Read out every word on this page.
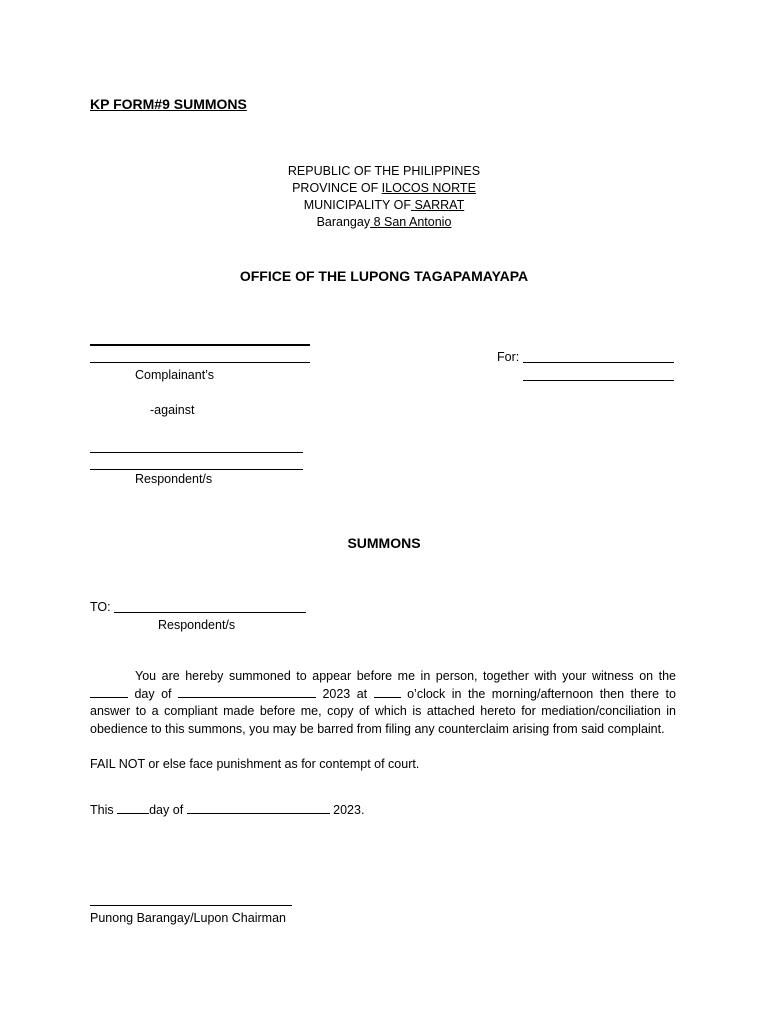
KP FORM#9 SUMMONS
REPUBLIC OF THE PHILIPPINES
PROVINCE OF ILOCOS NORTE
MUNICIPALITY OF SARRAT
Barangay 8 San Antonio
OFFICE OF THE LUPONG TAGAPAMAYAPA
Complainant’s
For:
-against
Respondent/s
SUMMONS
TO:
Respondent/s
You are hereby summoned to appear before me in person, together with your witness on the  day of	2023 at	o’clock in the morning/afternoon then there to answer to a compliant made before me, copy of which is attached hereto for mediation/conciliation in obedience to this summons, you may be barred from filing any counterclaim arising from said complaint.
FAIL NOT or else face punishment as for contempt of court.
This	day of	2023.
Punong Barangay/Lupon Chairman
